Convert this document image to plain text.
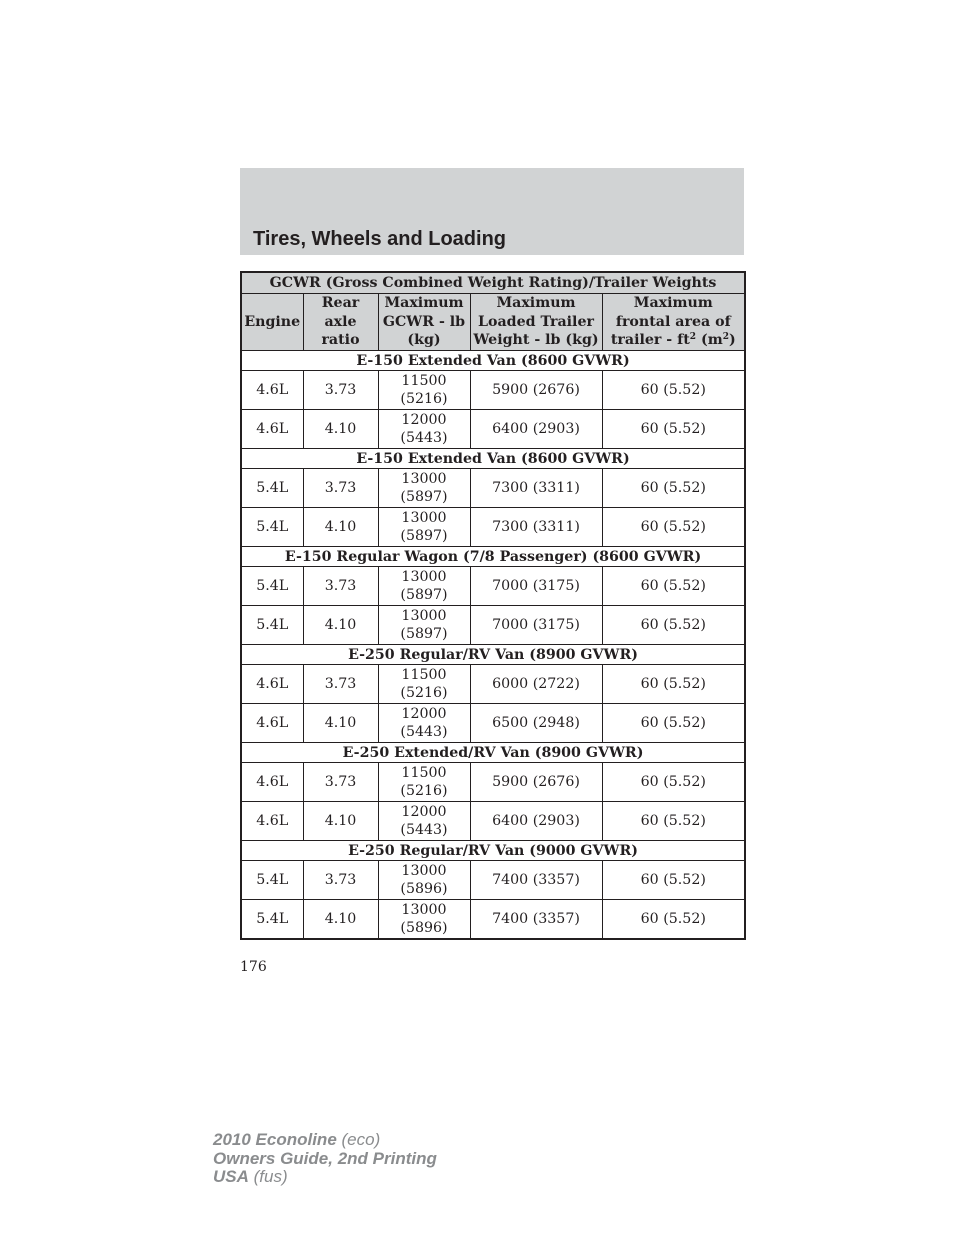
Tires, Wheels and Loading
GCWR (Gross Combined Weight Rating)/Trailer Weights				
Engine	Rear
axle
ratio	Maximum
GCWR - lb
(kg)	Maximum
Loaded Trailer
Weight - lb (kg)	Maximum
frontal area of
trailer - $ft^2$ $(m^2)$
E-150 Extended Van (8600 GVWR)				
4.6L	3.73	11500
(5216)	5900 (2676)	60 (5.52)
4.6L	4.10	12000
(5443)	6400 (2903)	60 (5.52)
E-150 Extended Van (8600 GVWR)				
5.4L	3.73	13000
(5897)	7300 (3311)	60 (5.52)
5.4L	4.10	13000
(5897)	7300 (3311)	60 (5.52)
E-150 Regular Wagon (7/8 Passenger) (8600 GVWR)				
5.4L	3.73	13000
(5897)	7000 (3175)	60 (5.52)
5.4L	4.10	13000
(5897)	7000 (3175)	60 (5.52)
E-250 Regular/RV Van (8900 GVWR)				
4.6L	3.73	11500
(5216)	6000 (2722)	60 (5.52)
4.6L	4.10	12000
(5443)	6500 (2948)	60 (5.52)
E-250 Extended/RV Van (8900 GVWR)				
4.6L	3.73	11500
(5216)	5900 (2676)	60 (5.52)
4.6L	4.10	12000
(5443)	6400 (2903)	60 (5.52)
E-250 Regular/RV Van (9000 GVWR)				
5.4L	3.73	13000
(5896)	7400 (3357)	60 (5.52)
5.4L	4.10	13000
(5896)	7400 (3357)	60 (5.52)
176
2010 Econoline (eco)
Owners Guide, 2nd Printing
USA (fus)
